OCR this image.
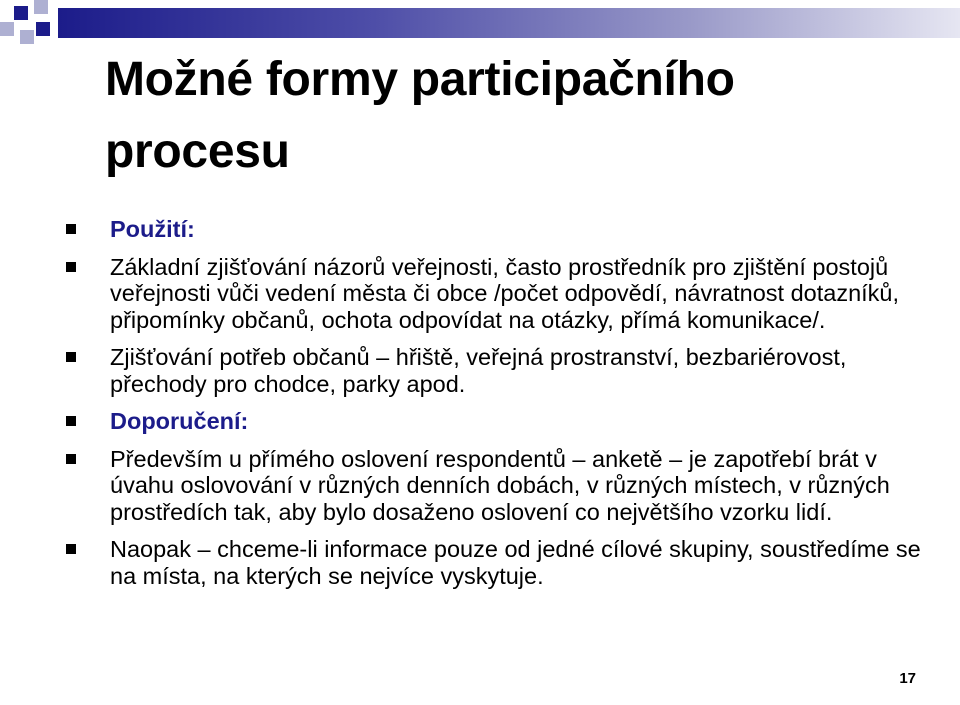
Možné formy participačního procesu
Použití:
Základní zjišťování názorů veřejnosti, často prostředník pro zjištění postojů veřejnosti vůči vedení města či obce /počet odpovědí, návratnost dotazníků, připomínky občanů, ochota odpovídat na otázky, přímá komunikace/.
Zjišťování potřeb občanů – hřiště, veřejná prostranství, bezbariérovost, přechody pro chodce, parky apod.
Doporučení:
Především u přímého oslovení respondentů – anketě – je zapotřebí brát v úvahu oslovování v různých denních dobách, v různých místech, v různých prostředích tak, aby bylo dosaženo oslovení co největšího vzorku lidí.
Naopak – chceme-li informace pouze od jedné cílové skupiny, soustředíme se na místa, na kterých se nejvíce vyskytuje.
17
